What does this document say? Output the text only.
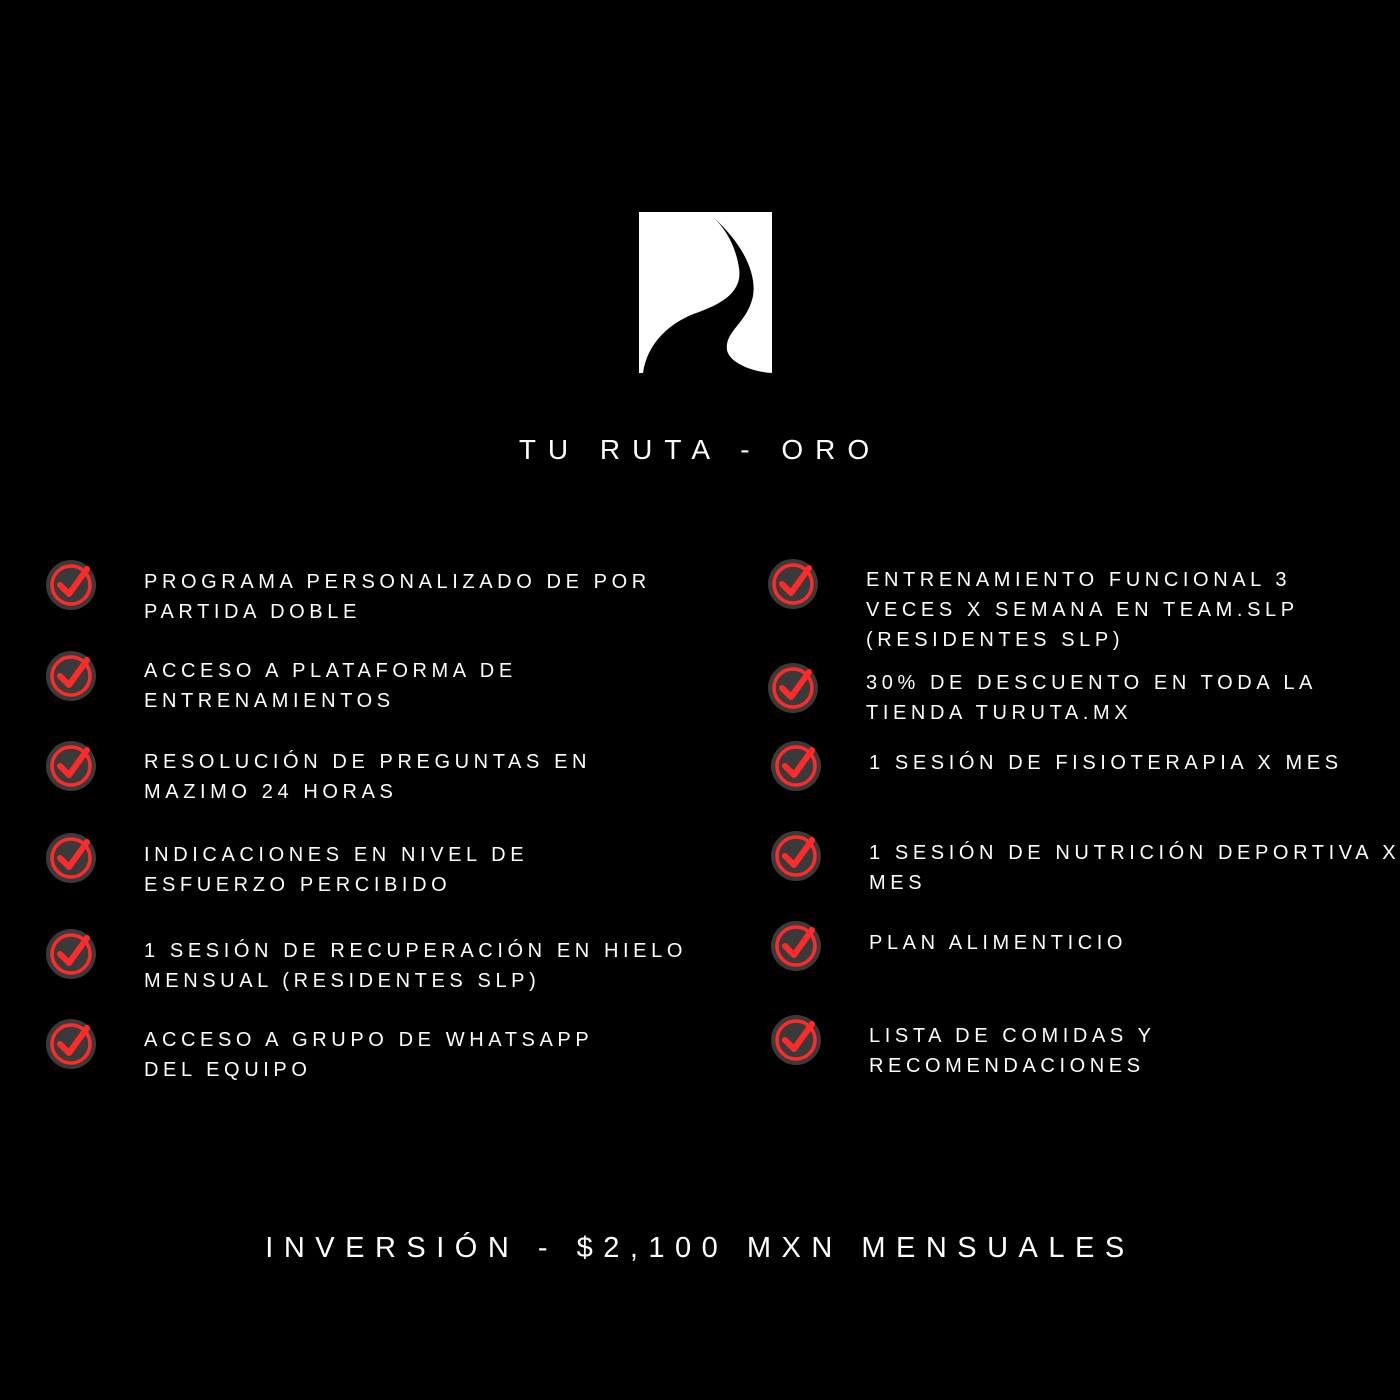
TU RUTA - ORO
PROGRAMA PERSONALIZADO DE POR
PARTIDA DOBLE
ACCESO A PLATAFORMA DE
ENTRENAMIENTOS
RESOLUCIÓN DE PREGUNTAS EN
MAZIMO 24 HORAS
INDICACIONES EN NIVEL DE
ESFUERZO PERCIBIDO
1 SESIÓN DE RECUPERACIÓN EN HIELO
MENSUAL (RESIDENTES SLP)
ACCESO A GRUPO DE WHATSAPP
DEL EQUIPO
ENTRENAMIENTO FUNCIONAL 3
VECES X SEMANA EN TEAM.SLP
(RESIDENTES SLP)
30% DE DESCUENTO EN TODA LA
TIENDA TURUTA.MX
1 SESIÓN DE FISIOTERAPIA X MES
1 SESIÓN DE NUTRICIÓN DEPORTIVA X
MES
PLAN ALIMENTICIO
LISTA DE COMIDAS Y
RECOMENDACIONES
INVERSIÓN - $2,100 MXN MENSUALES
